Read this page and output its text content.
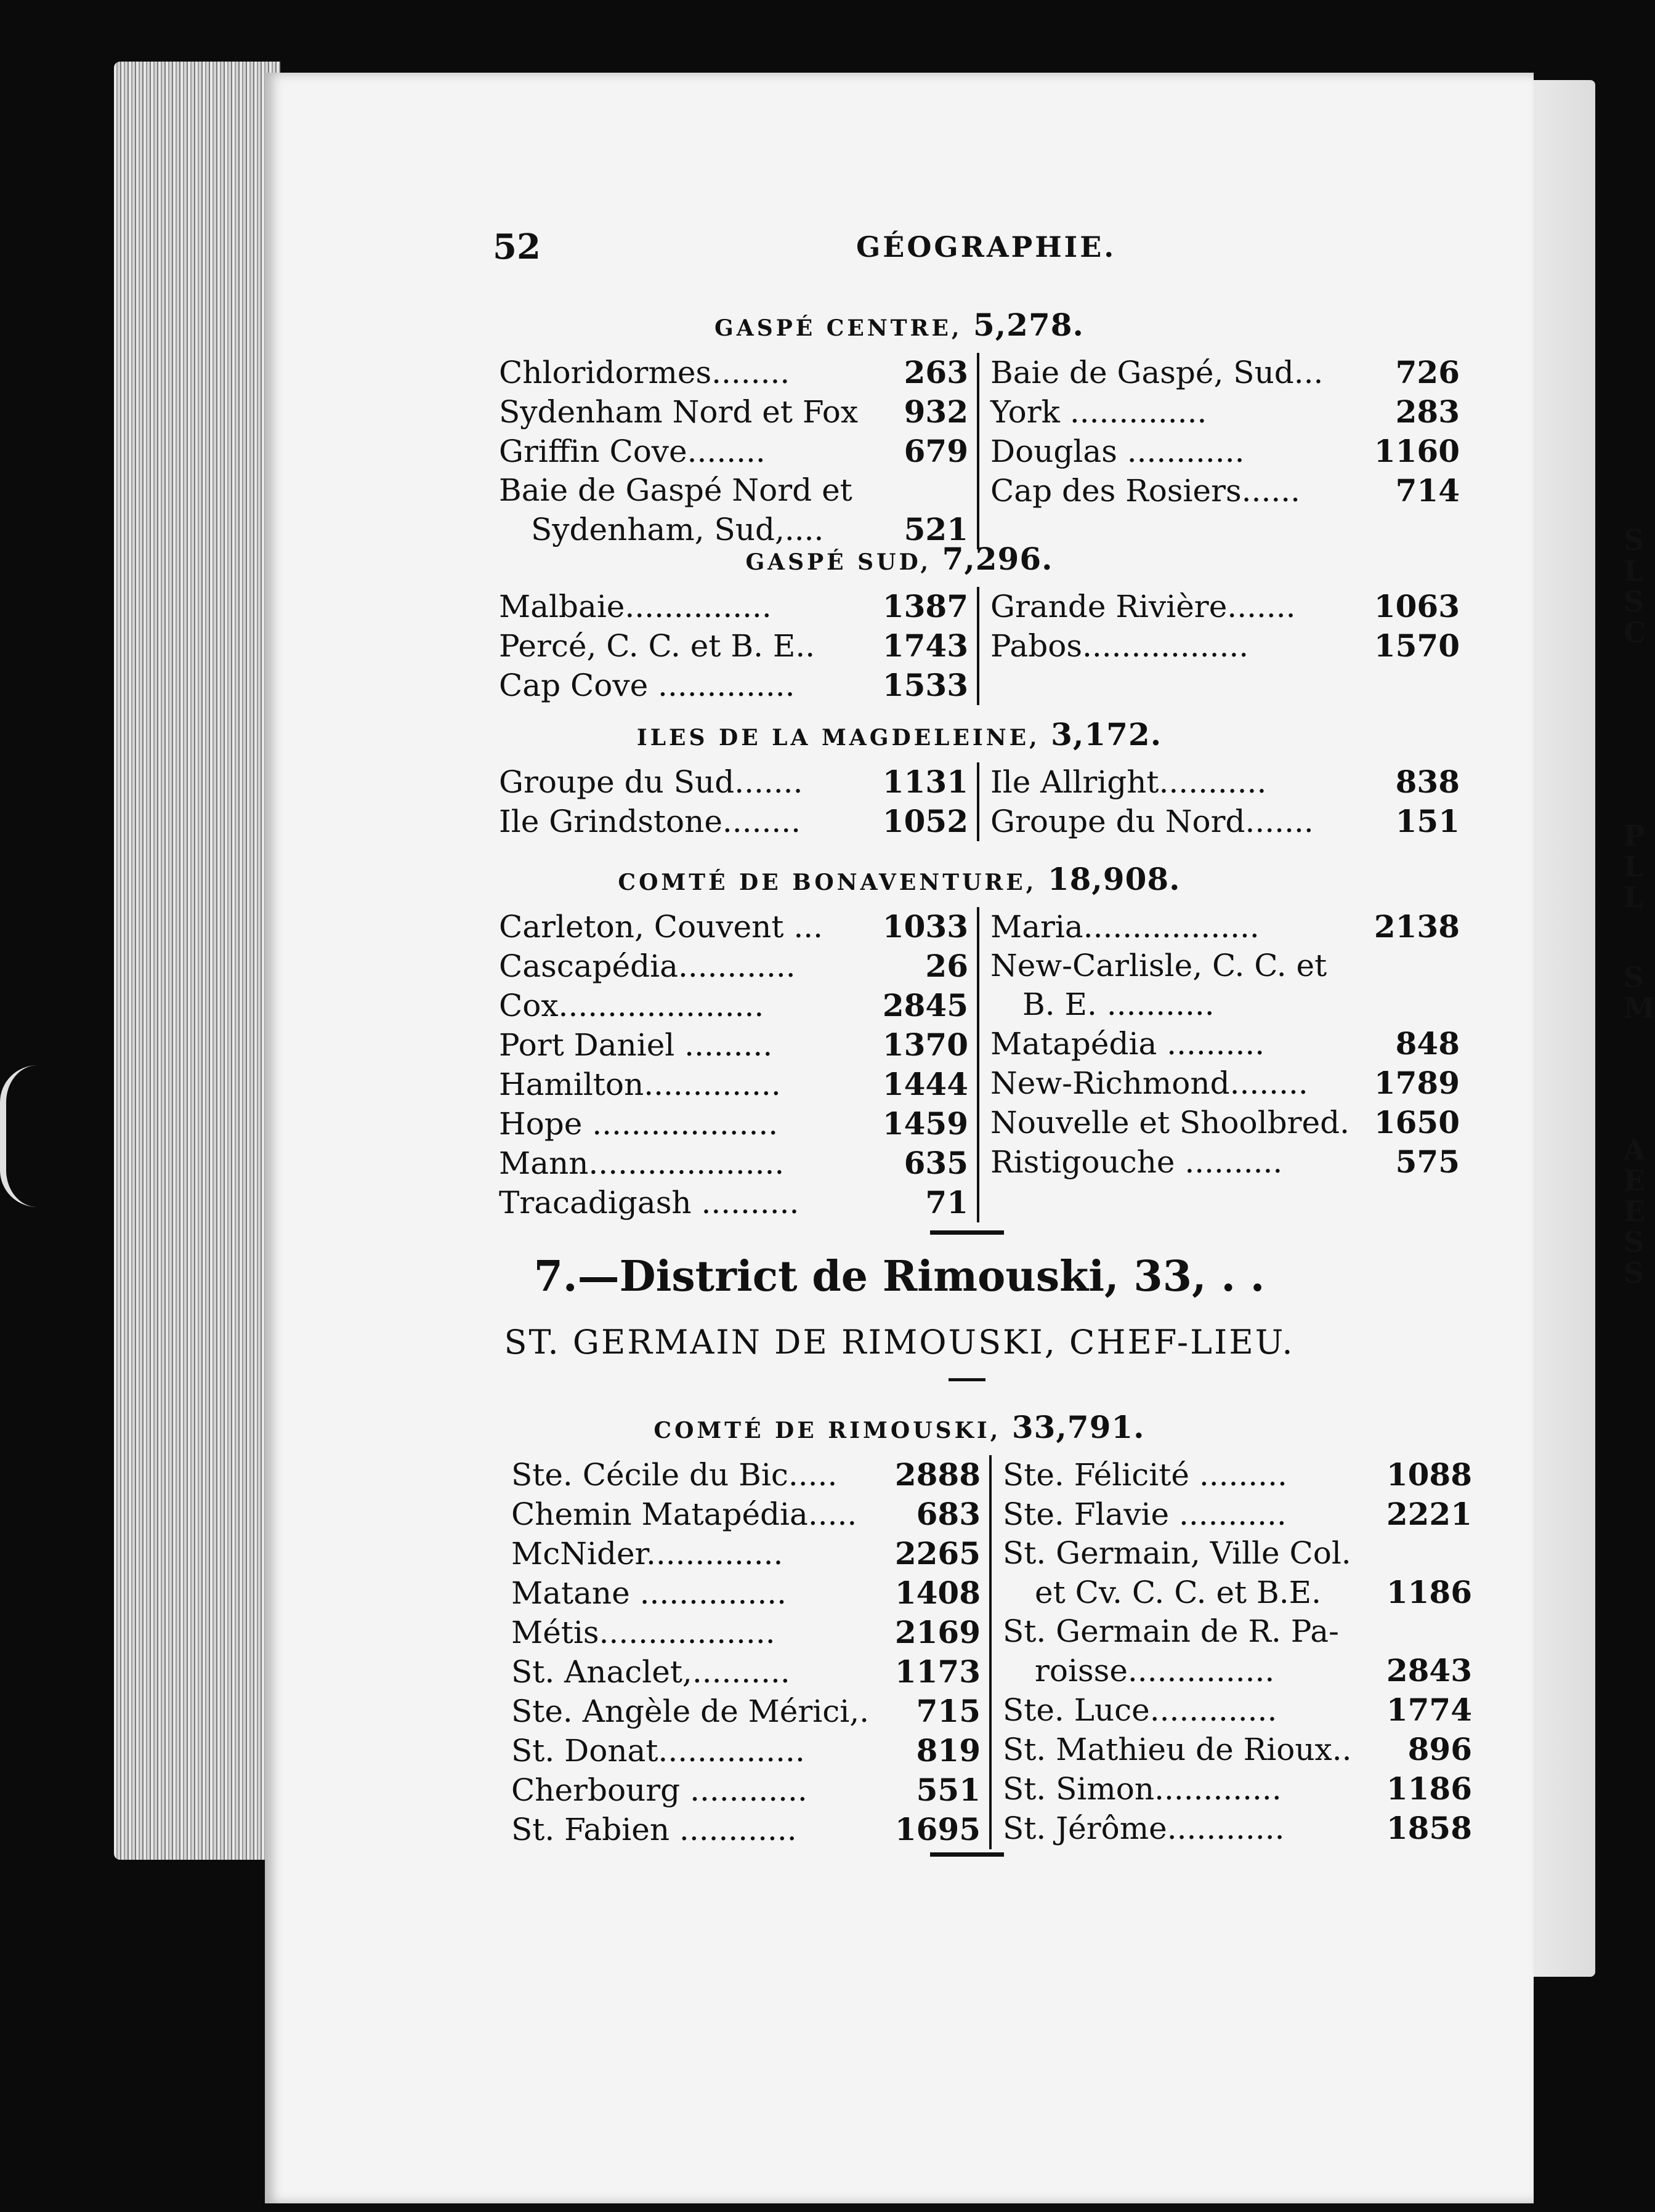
S
L
S
C
P
L
L
S
M
A
E
E
S
S
52	GÉOGRAPHIE.
GASPÉ CENTRE, 5,278.
Chloridormes........	263
Sydenham Nord et Fox 932
Griffin Cove........	679
Baie de Gaspé Nord et
Sydenham, Sud,....	521
Baie de Gaspé, Sud... 726
York ..............	283
Douglas ............	1160
Cap des Rosiers......	714
GASPÉ SUD, 7,296.
Malbaie...............	1387
Percé, C. C. et B. E.. 1743
Cap Cove ..............	1533
Grande Rivière.......	1063
Pabos.................	1570
ILES DE LA MAGDELEINE, 3,172.
Groupe du Sud.......	1131
Ile Grindstone........	1052
Ile Allright...........	838
Groupe du Nord.......	151
COMTÉ DE BONAVENTURE, 18,908.
Carleton, Couvent ... 1033
Cascapédia............	26
Cox.....................	2845
Port Daniel .........	1370
Hamilton..............	1444
Hope ...................	1459
Mann....................	635
Tracadigash ..........	71
Maria..................	2138
New-Carlisle, C. C. et
B. E. ...........
Matapédia ..........	848
New-Richmond........ 1789
Nouvelle et Shoolbred. 1650
Ristigouche ..........	575
7.—District de Rimouski, 33, . .
ST. GERMAIN DE RIMOUSKI, CHEF-LIEU.
COMTÉ DE RIMOUSKI, 33,791.
Ste. Cécile du Bic..... 2888
Chemin Matapédia..... 683
McNider..............	2265
Matane ...............	1408
Métis..................	2169
St. Anaclet,..........	1173
Ste. Angèle de Mérici,. 715
St. Donat...............	819
Cherbourg ............	551
St. Fabien ............	1695
Ste. Félicité .........	1088
Ste. Flavie ...........	2221
St. Germain, Ville Col.
et Cv. C. C. et B.E. 1186
St. Germain de R. Pa-
roisse...............	2843
Ste. Luce.............	1774
St. Mathieu de Rioux.. 896
St. Simon.............	1186
St. Jérôme............	1858
